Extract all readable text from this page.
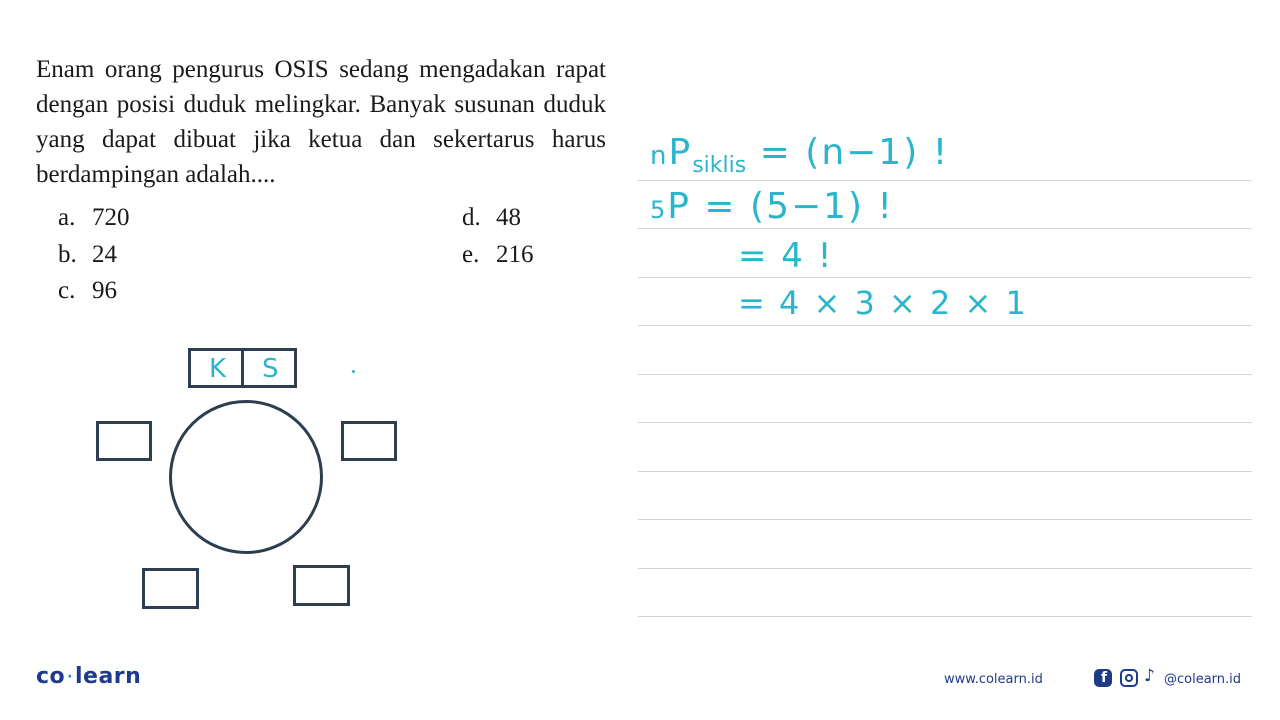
Enam orang pengurus OSIS sedang mengadakan rapat dengan posisi duduk melingkar. Banyak susunan duduk yang dapat dibuat jika ketua dan sekertarus harus berdampingan adalah....
a. 720
b. 24
c. 96
d. 48
e. 216
K S
$nP_{siklis} = (n-1)$ !
5P = (5−1) !
= 4 !
= 4 × 3 × 2 × 1
co ·learn	www.colearn.id	f ♪ @colearn.id
